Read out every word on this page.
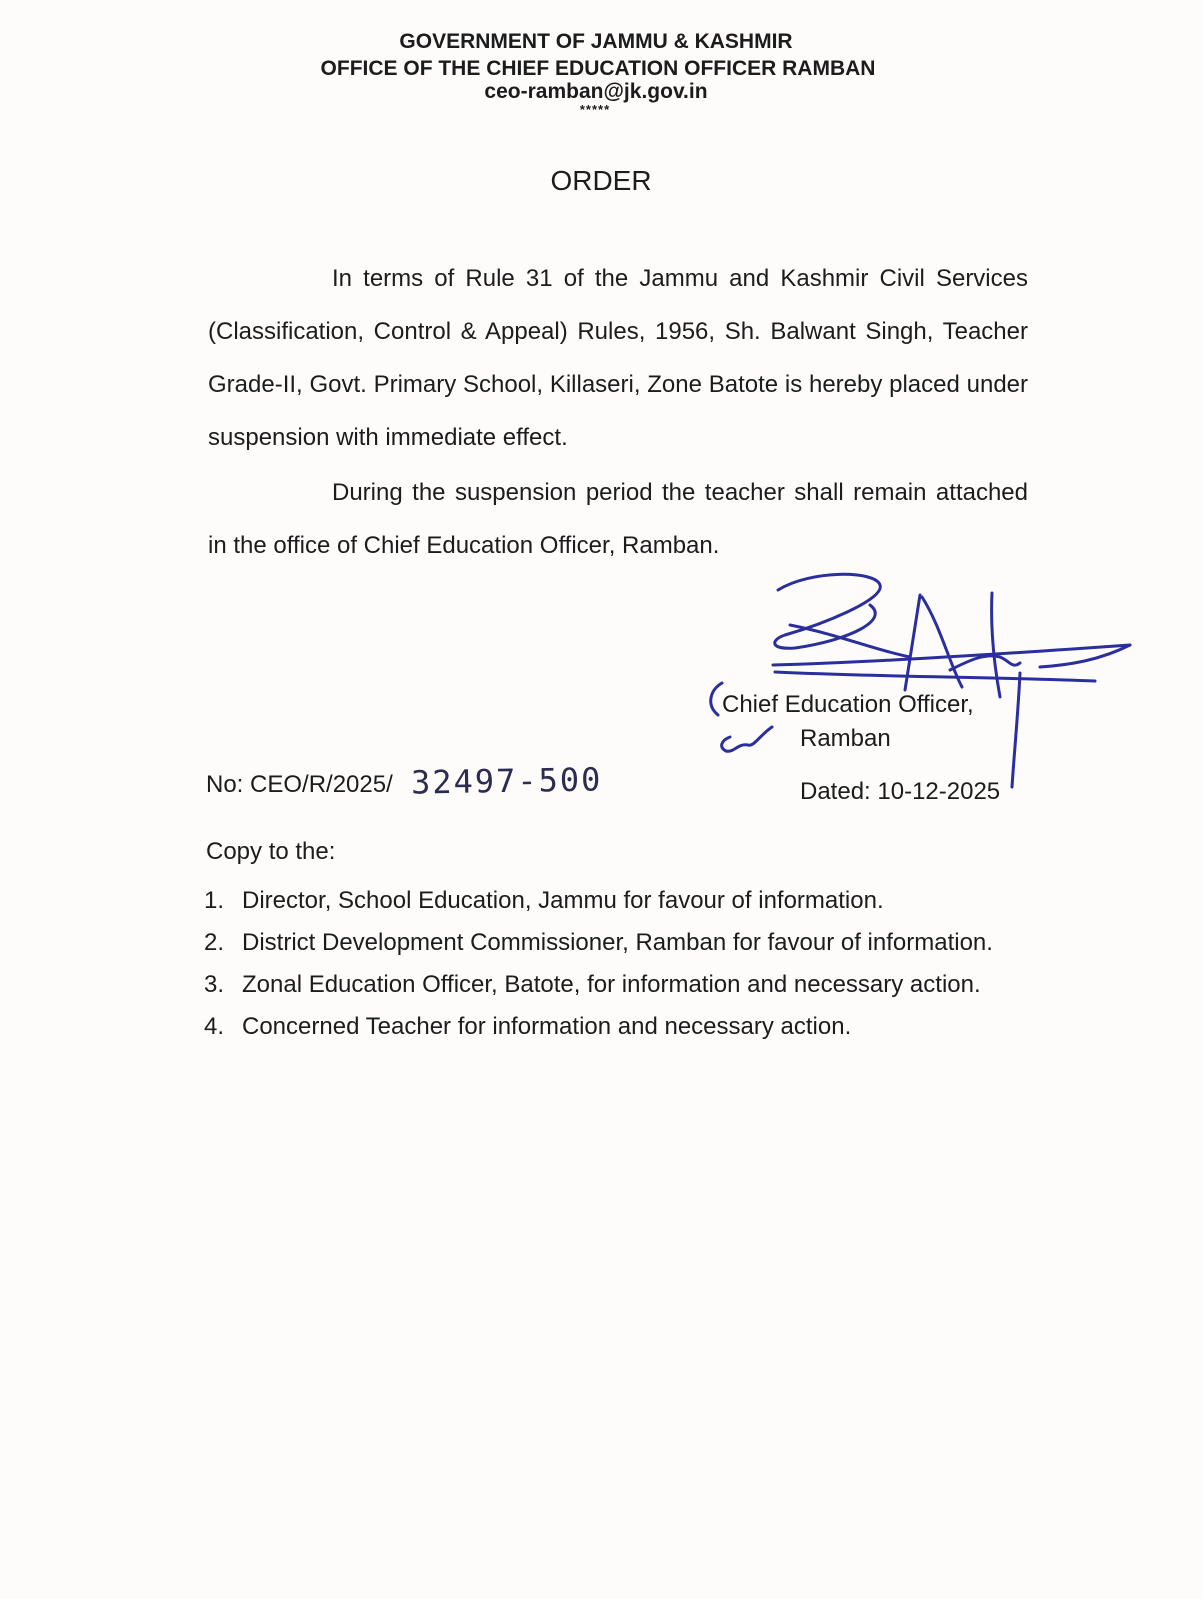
GOVERNMENT OF JAMMU & KASHMIR
OFFICE OF THE CHIEF EDUCATION OFFICER RAMBAN
ceo-ramban@jk.gov.in
*****
ORDER
In terms of Rule 31 of the Jammu and Kashmir Civil Services (Classification, Control & Appeal) Rules, 1956, Sh. Balwant Singh, Teacher Grade-II, Govt. Primary School, Killaseri, Zone Batote is hereby placed under suspension with immediate effect.
During the suspension period the teacher shall remain attached in the office of Chief Education Officer, Ramban.
Chief Education Officer,
Ramban
No: CEO/R/2025/ 32497-500	Dated: 10-12-2025
Copy to the:
1. Director, School Education, Jammu for favour of information.
2. District Development Commissioner, Ramban for favour of information.
3. Zonal Education Officer, Batote, for information and necessary action.
4. Concerned Teacher for information and necessary action.
